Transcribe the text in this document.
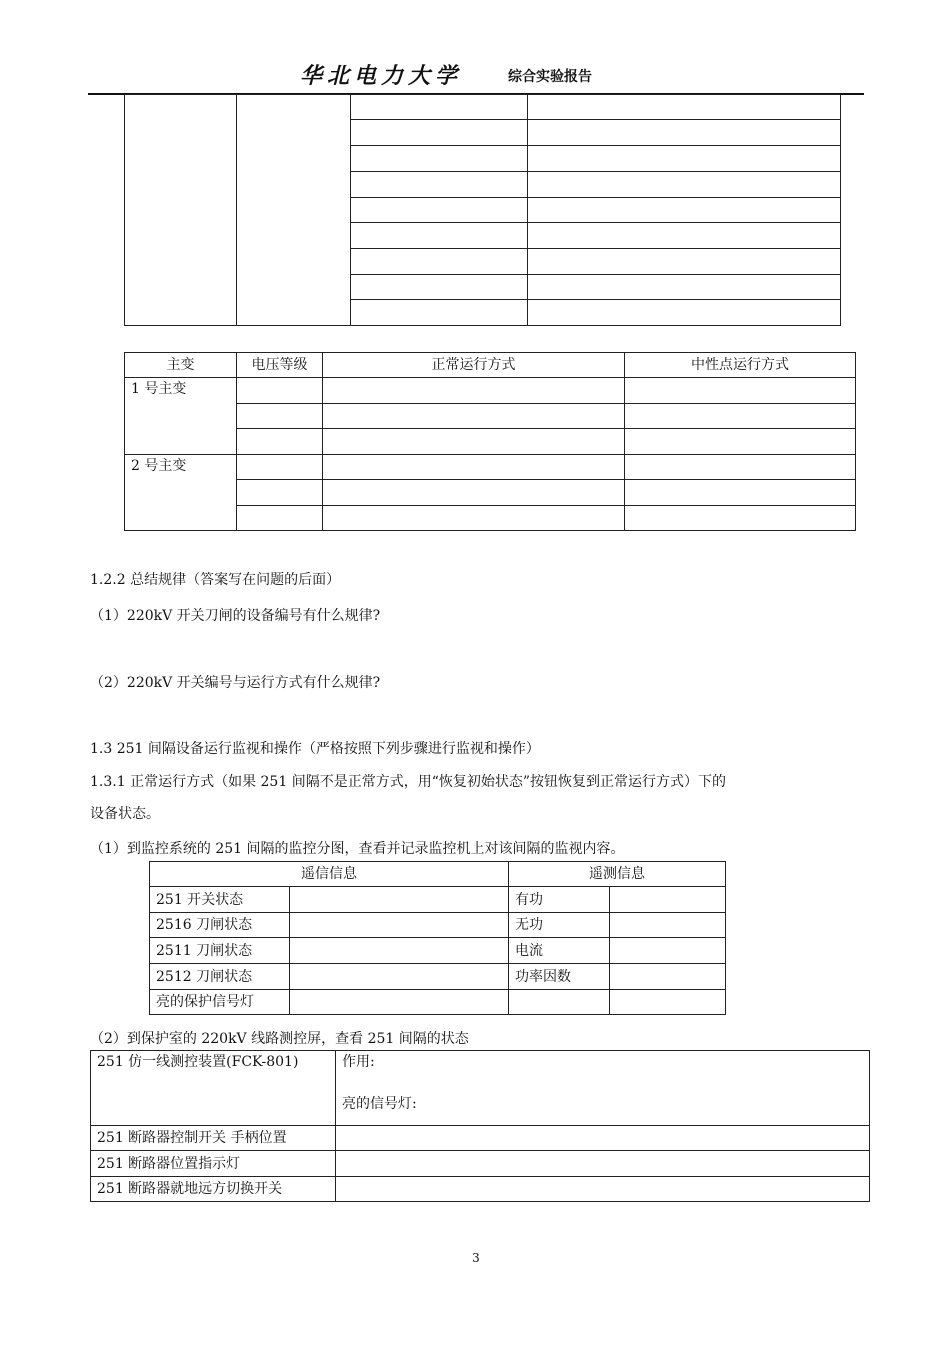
华北电力大学	综合实验报告

主变	电压等级	正常运行方式	中性点运行方式
1 号主变			

2 号主变			

1.2.2 总结规律（答案写在问题的后面）
（1）220kV 开关刀闸的设备编号有什么规律?
（2）220kV 开关编号与运行方式有什么规律?
1.3 251 间隔设备运行监视和操作（严格按照下列步骤进行监视和操作）
1.3.1 正常运行方式（如果 251 间隔不是正常方式，用“恢复初始状态”按钮恢复到正常运行方式）下的
设备状态。
（1）到监控系统的 251 间隔的监控分图，查看并记录监控机上对该间隔的监视内容。
遥信信息		遥测信息	
251 开关状态		有功	
2516 刀闸状态		无功	
2511 刀闸状态		电流	
2512 刀闸状态		功率因数	
亮的保护信号灯			
（2）到保护室的 220kV 线路测控屏，查看 251 间隔的状态
251 仿一线测控装置(FCK-801)	作用:
亮的信号灯:

251 断路器控制开关 手柄位置	
251 断路器位置指示灯	
251 断路器就地远方切换开关	
3
